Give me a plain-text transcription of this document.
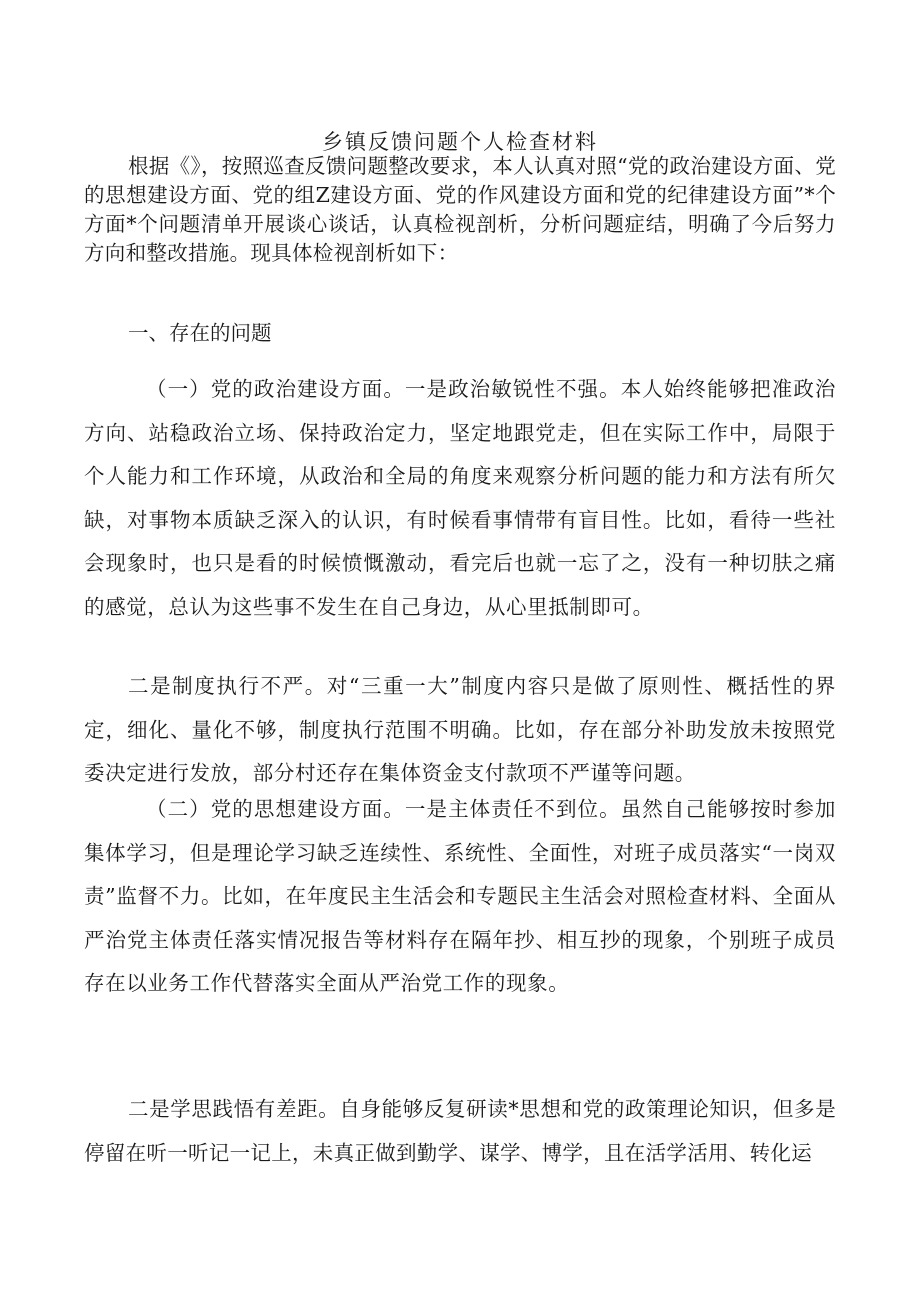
乡镇反馈问题个人检查材料

根据《》，按照巡查反馈问题整改要求，本人认真对照“党的政治建设方面、党的思想建设方面、党的组Z建设方面、党的作风建设方面和党的纪律建设方面”*个方面*个问题清单开展谈心谈话，认真检视剖析，分析问题症结，明确了今后努力方向和整改措施。现具体检视剖析如下：

一、存在的问题

（一）党的政治建设方面。一是政治敏锐性不强。本人始终能够把准政治方向、站稳政治立场、保持政治定力，坚定地跟党走，但在实际工作中，局限于个人能力和工作环境，从政治和全局的角度来观察分析问题的能力和方法有所欠缺，对事物本质缺乏深入的认识，有时候看事情带有盲目性。比如，看待一些社会现象时，也只是看的时候愤慨激动，看完后也就一忘了之，没有一种切肤之痛的感觉，总认为这些事不发生在自己身边，从心里抵制即可。

二是制度执行不严。对“三重一大”制度内容只是做了原则性、概括性的界定，细化、量化不够，制度执行范围不明确。比如，存在部分补助发放未按照党委决定进行发放，部分村还存在集体资金支付款项不严谨等问题。

（二）党的思想建设方面。一是主体责任不到位。虽然自己能够按时参加集体学习，但是理论学习缺乏连续性、系统性、全面性，对班子成员落实“一岗双责”监督不力。比如，在年度民主生活会和专题民主生活会对照检查材料、全面从严治党主体责任落实情况报告等材料存在隔年抄、相互抄的现象，个别班子成员存在以业务工作代替落实全面从严治党工作的现象。

二是学思践悟有差距。自身能够反复研读*思想和党的政策理论知识，但多是停留在听一听记一记上，未真正做到勤学、谋学、博学，且在活学活用、转化运
